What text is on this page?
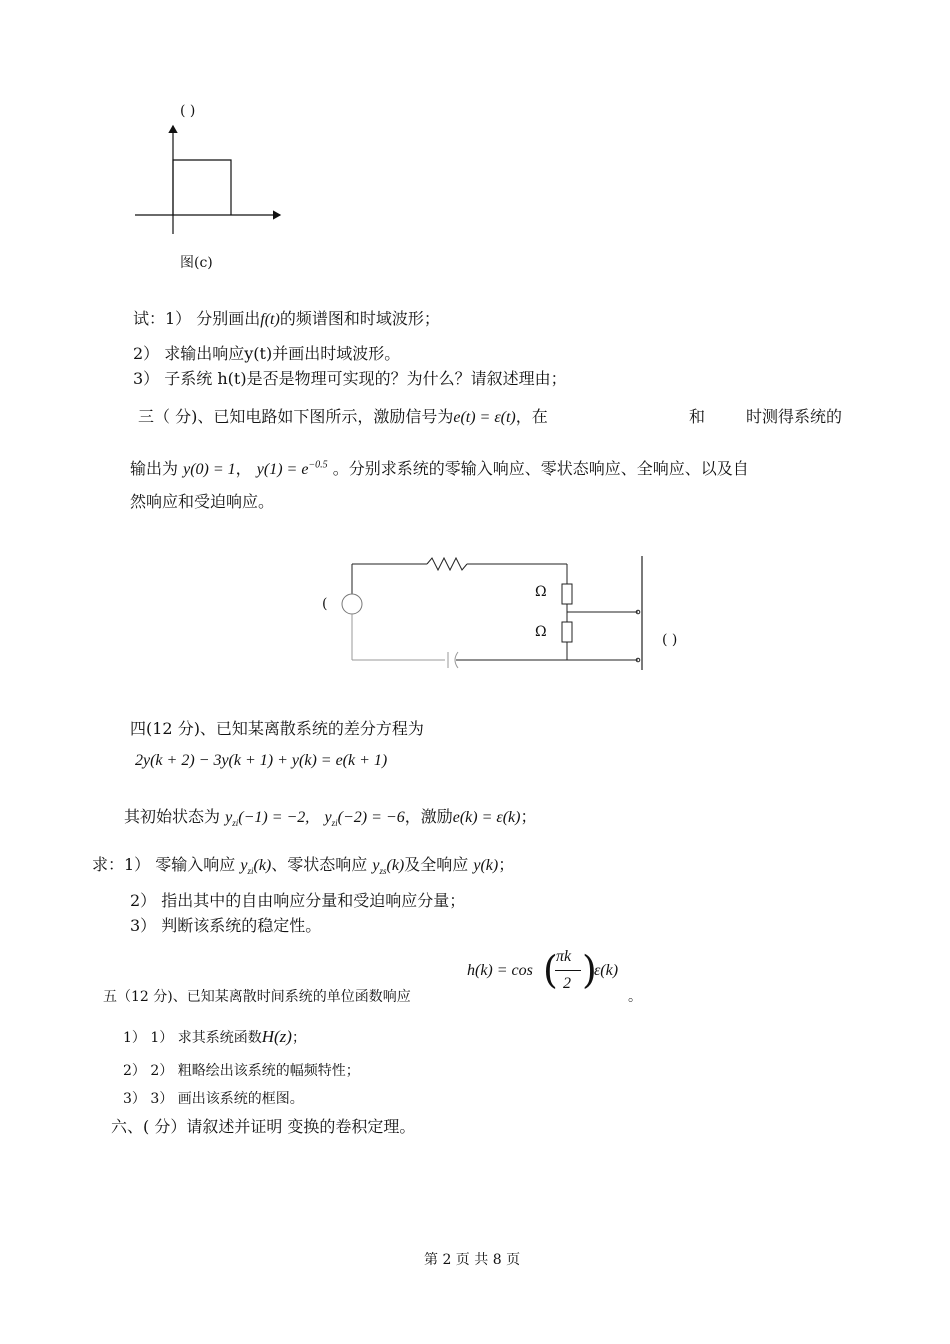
( )
图(c)
试：1） 分别画出f(t)的频谱图和时域波形；
2） 求输出响应y(t)并画出时域波形。
3） 子系统 h(t)是否是物理可实现的？为什么？请叙述理由；
三（ 分)、已知电路如下图所示，激励信号为e(t) = ε(t)，在	和	时测得系统的
输出为 y(0) = 1， $y(1) = e^{-0.5}$ 。分别求系统的零输入响应、零状态响应、全响应、以及自
然响应和受迫响应。
(
Ω
Ω	( )
四(12 分)、已知某离散系统的差分方程为
2y(k + 2) − 3y(k + 1) + y(k) = e(k + 1)
其初始状态为 $y_{zi}(-1) = -2$, $y_{zi}(-2) = -6$，激励e(k) = ε(k)；
求：1） 零输入响应 $y_{zi}(k)$、零状态响应 $y_{zs}(k)$及全响应 y(k)；
2） 指出其中的自由响应分量和受迫响应分量；
3） 判断该系统的稳定性。
h(k) = cos (
πk
2 )
ε(k)
五（12 分)、已知某离散时间系统的单位函数响应	。
1） 1） 求其系统函数H(z)；
2） 2） 粗略绘出该系统的幅频特性；
3） 3） 画出该系统的框图。
六、( 分）请叙述并证明 变换的卷积定理。
第 2 页 共 8 页
